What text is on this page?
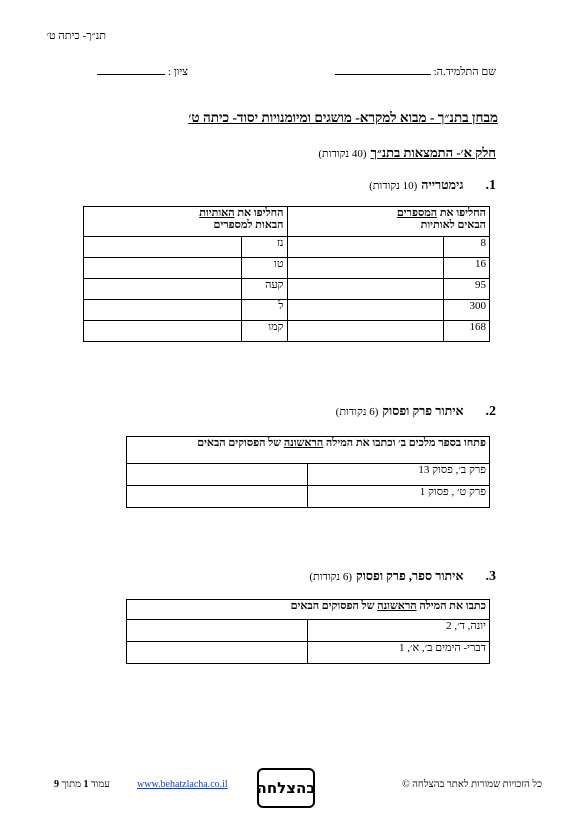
תנ״ך- כיתה ט׳
שם התלמיד.ה:
ציון :
מבחן בתנ״ך - מבוא למקרא- מושגים ומיומנויות יסוד- כיתה ט׳
חלק א׳- התמצאות בתנ״ך (40 נקודות)
1.  גימטרייה (10 נקודות)
החליפו את המספרים
הבאים לאותיות		החליפו את האותיות
הבאות למספרים	
8		נז	
16		טו	
95		קעה	
300		ל	
168		קמו	
2.  איתור פרק ופסוק (6 נקודות)
פתחו בספר מלכים ב׳ וכתבו את המילה הראשונה של הפסוקים הבאים	
פרק ב׳, פסוק 13	
פרק ט׳ , פסוק 1	
3.  איתור ספר, פרק ופסוק (6 נקודות)
כתבו את המילה הראשונה של הפסוקים הבאים	
יונה, ד׳, 2	
דברי- הימים ב׳, א׳, 1	
כל הזכויות שמורות לאתר בהצלחה ©
בהצלחה
www.behatzlacha.co.il
עמוד 1 מתוך 9
